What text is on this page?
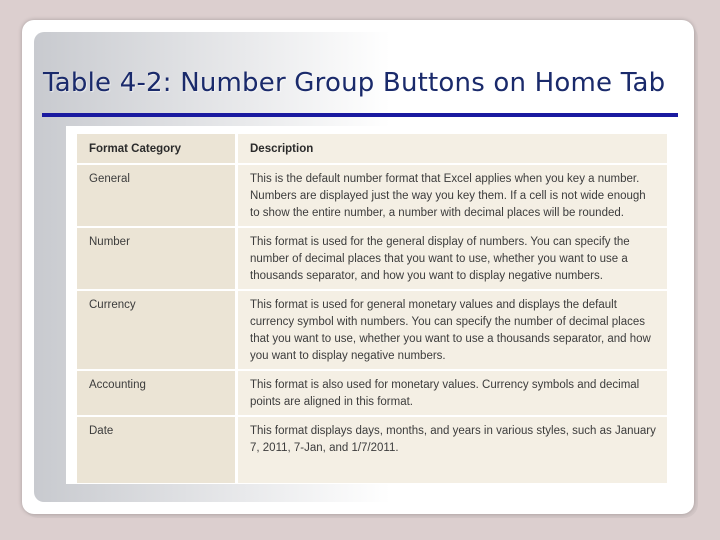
Table 4-2: Number Group Buttons on Home Tab
Format Category	Description
General	This is the default number format that Excel applies when you key a number. Numbers are displayed just the way you key them. If a cell is not wide enough to show the entire number, a number with decimal places will be rounded.
Number	This format is used for the general display of numbers. You can specify the number of decimal places that you want to use, whether you want to use a thousands separator, and how you want to display negative numbers.
Currency	This format is used for general monetary values and displays the default currency symbol with numbers. You can specify the number of decimal places that you want to use, whether you want to use a thousands separator, and how you want to display negative numbers.
Accounting	This format is also used for monetary values. Currency symbols and decimal points are aligned in this format.
Date	This format displays days, months, and years in various styles, such as January 7, 2011, 7-Jan, and 1/7/2011.
